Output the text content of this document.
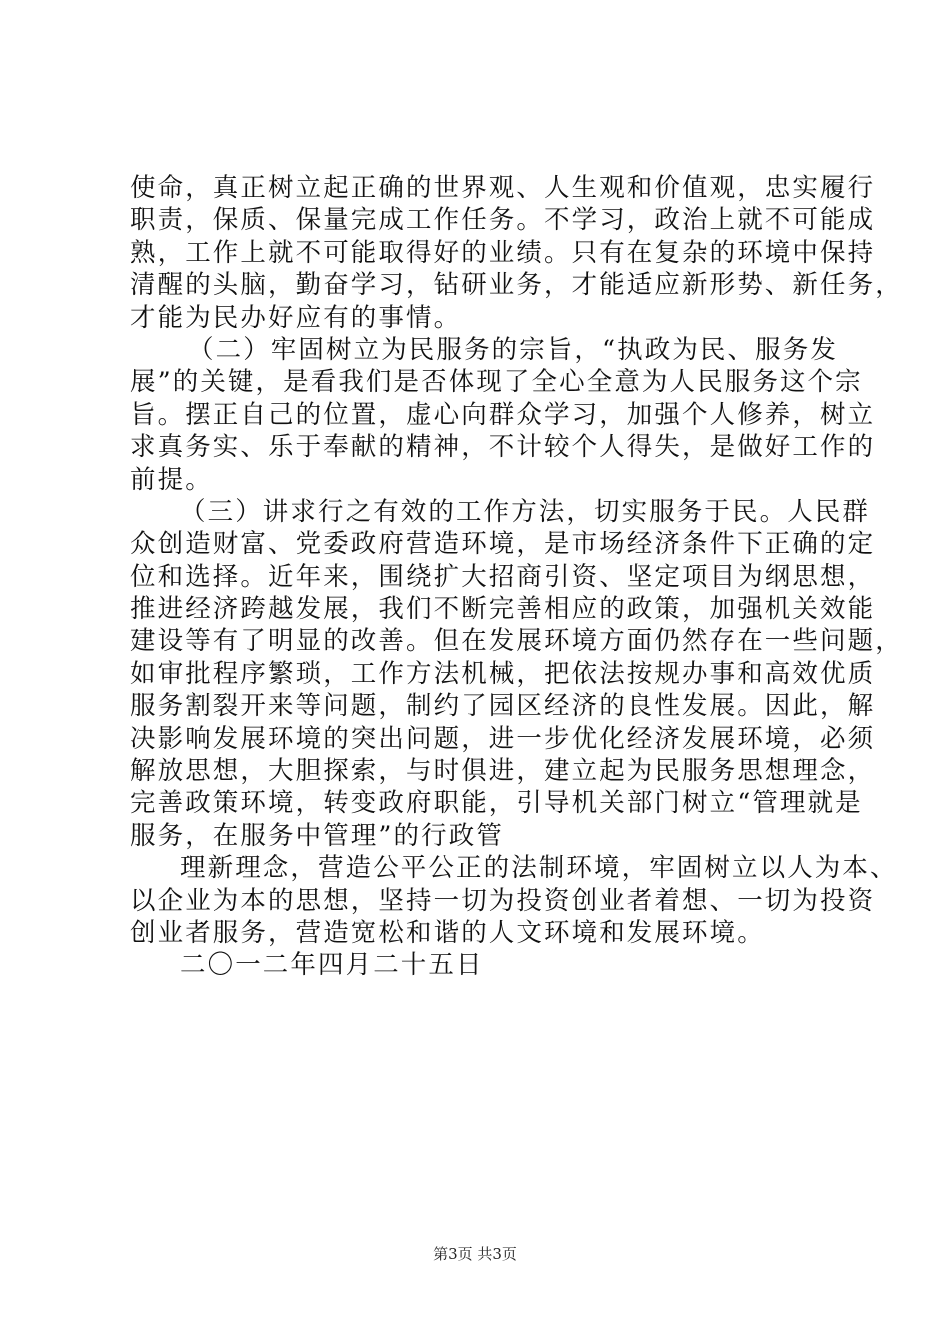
使命，真正树立起正确的世界观、人生观和价值观，忠实履行
职责，保质、保量完成工作任务。不学习，政治上就不可能成
熟，工作上就不可能取得好的业绩。只有在复杂的环境中保持
清醒的头脑，勤奋学习，钻研业务，才能适应新形势、新任务，
才能为民办好应有的事情。
（二）牢固树立为民服务的宗旨，“执政为民、服务发
展”的关键，是看我们是否体现了全心全意为人民服务这个宗
旨。摆正自己的位置，虚心向群众学习，加强个人修养，树立
求真务实、乐于奉献的精神，不计较个人得失，是做好工作的
前提。
（三）讲求行之有效的工作方法，切实服务于民。人民群
众创造财富、党委政府营造环境，是市场经济条件下正确的定
位和选择。近年来，围绕扩大招商引资、坚定项目为纲思想，
推进经济跨越发展，我们不断完善相应的政策，加强机关效能
建设等有了明显的改善。但在发展环境方面仍然存在一些问题，
如审批程序繁琐，工作方法机械，把依法按规办事和高效优质
服务割裂开来等问题，制约了园区经济的良性发展。因此，解
决影响发展环境的突出问题，进一步优化经济发展环境，必须
解放思想，大胆探索，与时俱进，建立起为民服务思想理念，
完善政策环境，转变政府职能，引导机关部门树立“管理就是
服务，在服务中管理”的行政管
理新理念，营造公平公正的法制环境，牢固树立以人为本、
以企业为本的思想，坚持一切为投资创业者着想、一切为投资
创业者服务，营造宽松和谐的人文环境和发展环境。
二〇一二年四月二十五日
第3页 共3页
